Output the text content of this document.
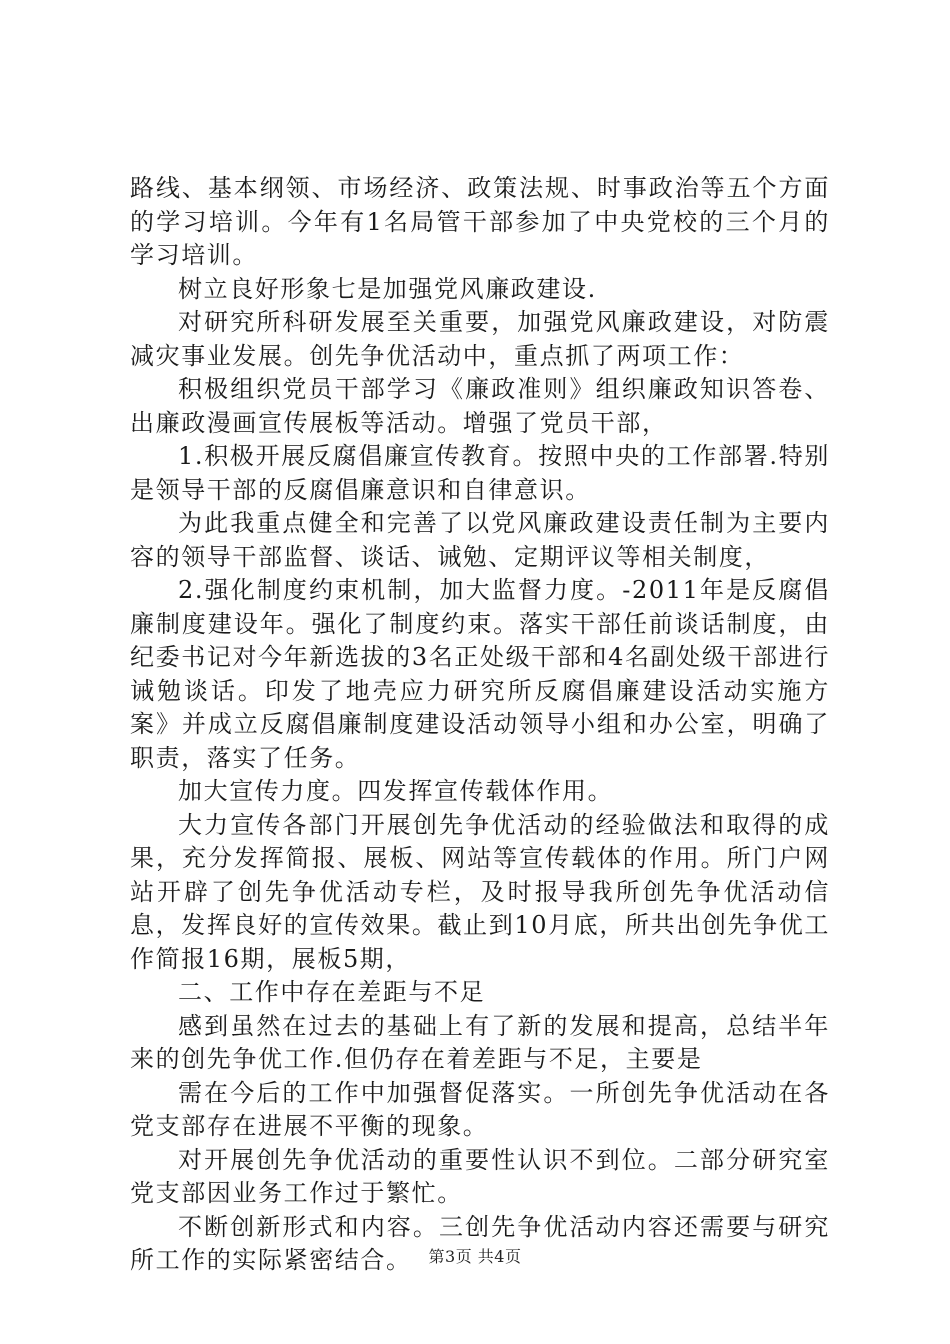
路线、基本纲领、市场经济、政策法规、时事政治等五个方面的学习培训。今年有1名局管干部参加了中央党校的三个月的学习培训。

树立良好形象七是加强党风廉政建设.

对研究所科研发展至关重要，加强党风廉政建设，对防震减灾事业发展。创先争优活动中，重点抓了两项工作：

积极组织党员干部学习《廉政准则》组织廉政知识答卷、出廉政漫画宣传展板等活动。增强了党员干部，

1.积极开展反腐倡廉宣传教育。按照中央的工作部署.特别是领导干部的反腐倡廉意识和自律意识。

为此我重点健全和完善了以党风廉政建设责任制为主要内容的领导干部监督、谈话、诫勉、定期评议等相关制度，

2.强化制度约束机制，加大监督力度。-2011年是反腐倡廉制度建设年。强化了制度约束。落实干部任前谈话制度，由纪委书记对今年新选拔的3名正处级干部和4名副处级干部进行诫勉谈话。印发了地壳应力研究所反腐倡廉建设活动实施方案》并成立反腐倡廉制度建设活动领导小组和办公室，明确了职责，落实了任务。

加大宣传力度。四发挥宣传载体作用。

大力宣传各部门开展创先争优活动的经验做法和取得的成果，充分发挥简报、展板、网站等宣传载体的作用。所门户网站开辟了创先争优活动专栏，及时报导我所创先争优活动信息，发挥良好的宣传效果。截止到10月底，所共出创先争优工作简报16期，展板5期，

二、工作中存在差距与不足

感到虽然在过去的基础上有了新的发展和提高，总结半年来的创先争优工作.但仍存在着差距与不足，主要是

需在今后的工作中加强督促落实。一所创先争优活动在各党支部存在进展不平衡的现象。

对开展创先争优活动的重要性认识不到位。二部分研究室党支部因业务工作过于繁忙。

不断创新形式和内容。三创先争优活动内容还需要与研究所工作的实际紧密结合。	第3页 共4页
